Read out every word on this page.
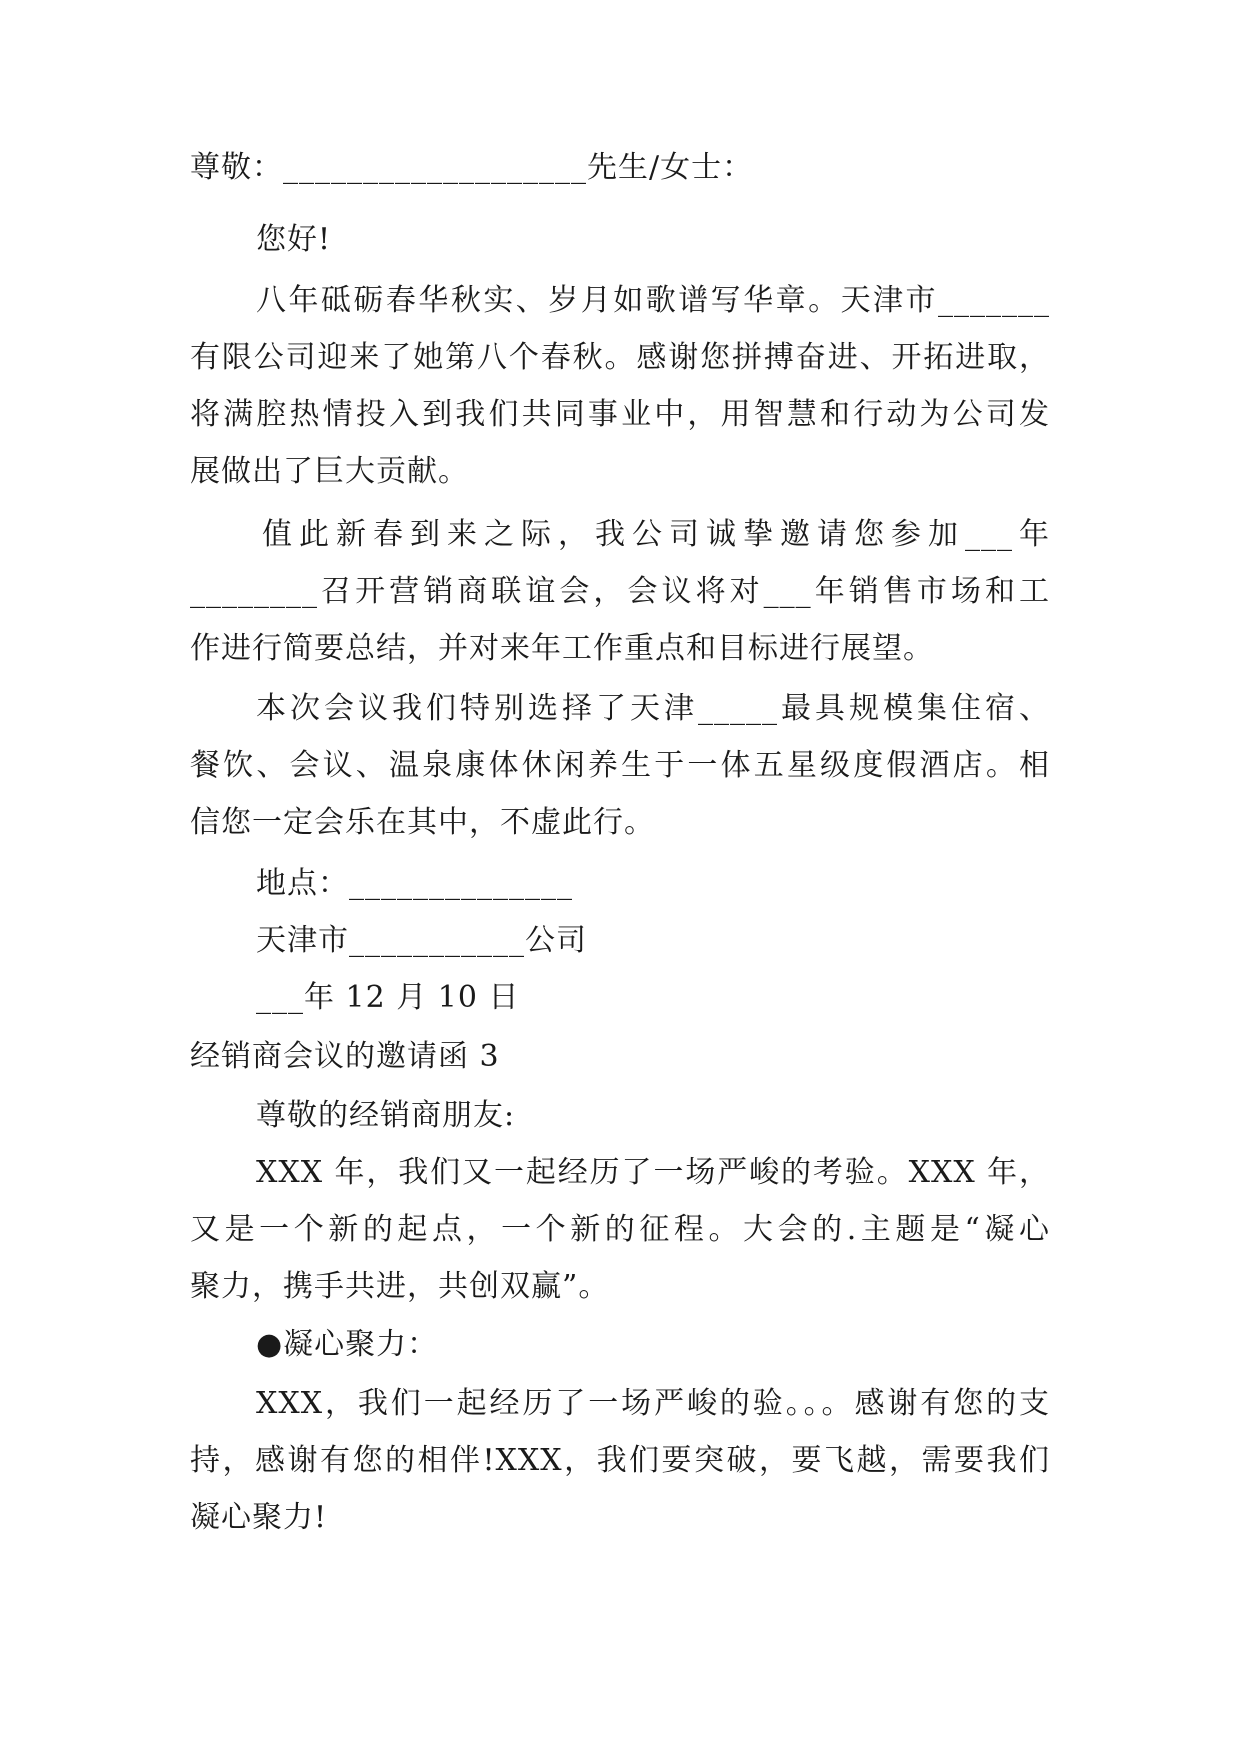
尊敬：___________________先生/女士：
您好!
八年砥砺春华秋实、岁月如歌谱写华章。天津市_______
有限公司迎来了她第八个春秋。感谢您拼搏奋进、开拓进取，
将满腔热情投入到我们共同事业中，用智慧和行动为公司发
展做出了巨大贡献。
值此新春到来之际，我公司诚挚邀请您参加___年
________召开营销商联谊会，会议将对___年销售市场和工
作进行简要总结，并对来年工作重点和目标进行展望。
本次会议我们特别选择了天津_____最具规模集住宿、
餐饮、会议、温泉康体休闲养生于一体五星级度假酒店。相
信您一定会乐在其中，不虚此行。
地点：______________
天津市___________公司
___年 12 月 10 日
经销商会议的邀请函 3
尊敬的经销商朋友:
XXX 年，我们又一起经历了一场严峻的考验。XXX 年，
又是一个新的起点，一个新的征程。大会的.主题是“凝心
聚力，携手共进，共创双赢”。
●凝心聚力：
XXX，我们一起经历了一场严峻的验。。。感谢有您的支
持，感谢有您的相伴!XXX，我们要突破，要飞越，需要我们
凝心聚力!
